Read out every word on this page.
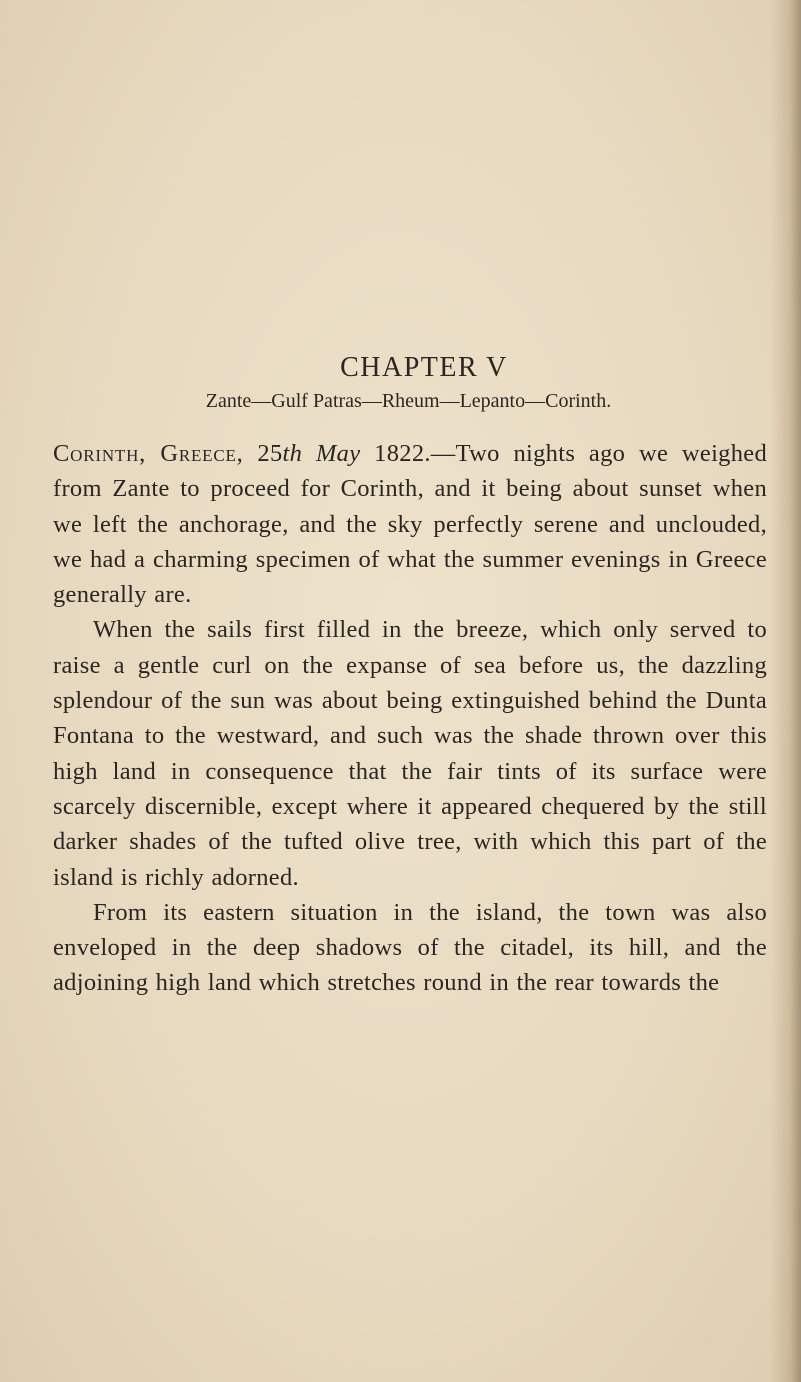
CHAPTER V

Zante—Gulf Patras—Rheum—Lepanto—Corinth.

Corinth, Greece, 25th May 1822.—Two nights ago we weighed from Zante to proceed for Corinth, and it being about sunset when we left the anchorage, and the sky perfectly serene and unclouded, we had a charming specimen of what the summer evenings in Greece generally are.

When the sails first filled in the breeze, which only served to raise a gentle curl on the expanse of sea before us, the dazzling splendour of the sun was about being extinguished behind the Dunta Fontana to the westward, and such was the shade thrown over this high land in consequence that the fair tints of its surface were scarcely discernible, except where it appeared chequered by the still darker shades of the tufted olive tree, with which this part of the island is richly adorned.

From its eastern situation in the island, the town was also enveloped in the deep shadows of the citadel, its hill, and the adjoining high land which stretches round in the rear towards the
